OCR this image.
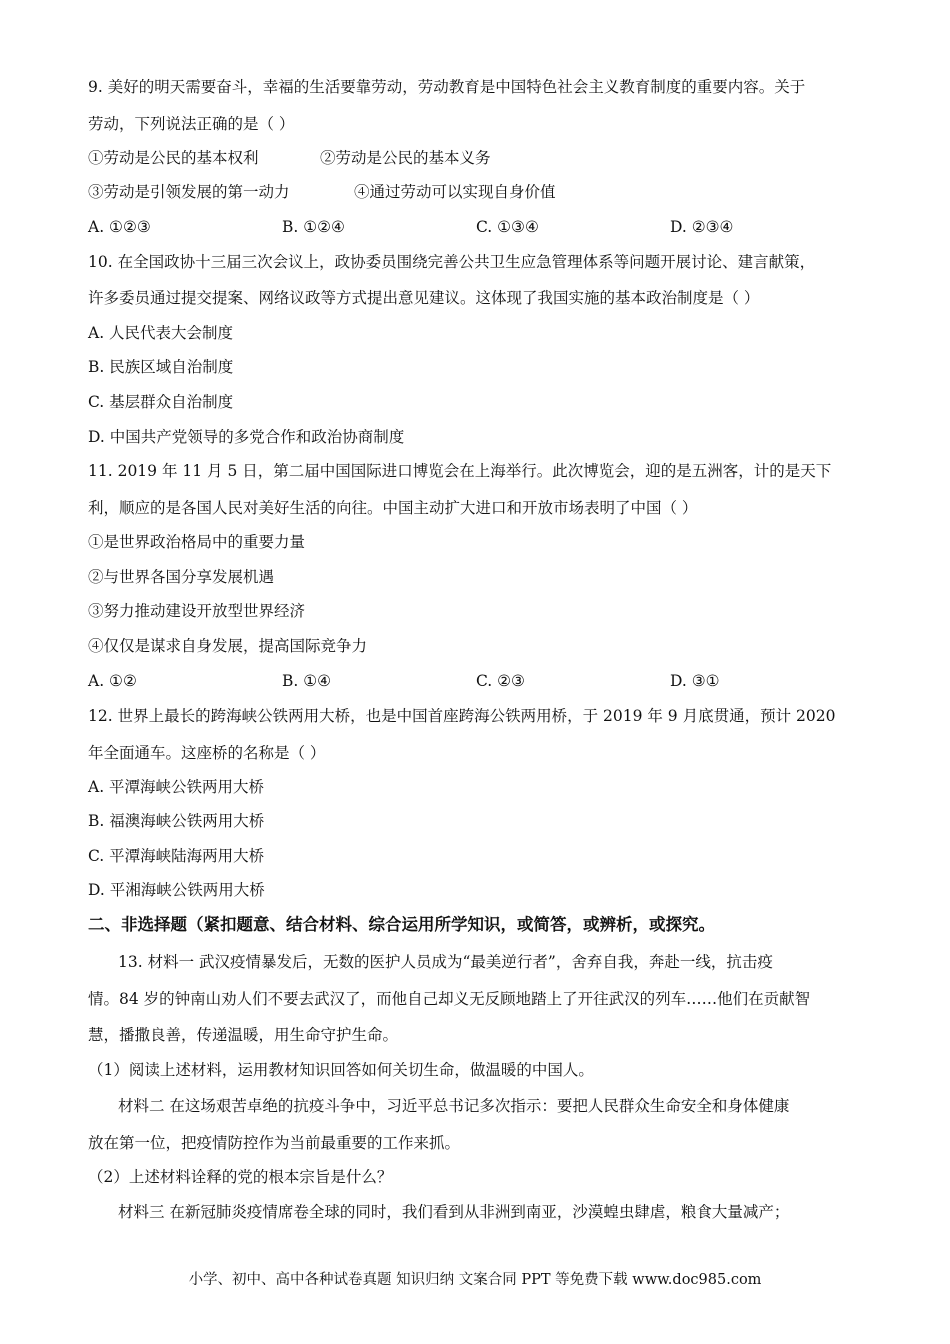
9. 美好的明天需要奋斗，幸福的生活要靠劳动，劳动教育是中国特色社会主义教育制度的重要内容。关于
劳动，下列说法正确的是（ ）
①劳动是公民的基本权利	②劳动是公民的基本义务
③劳动是引领发展的第一动力	④通过劳动可以实现自身价值
A. ①②③	B. ①②④	C. ①③④	D. ②③④
10. 在全国政协十三届三次会议上，政协委员围绕完善公共卫生应急管理体系等问题开展讨论、建言献策，
许多委员通过提交提案、网络议政等方式提出意见建议。这体现了我国实施的基本政治制度是（ ）
A. 人民代表大会制度
B. 民族区域自治制度
C. 基层群众自治制度
D. 中国共产党领导的多党合作和政治协商制度
11. 2019 年 11 月 5 日，第二届中国国际进口博览会在上海举行。此次博览会，迎的是五洲客，计的是天下
利，顺应的是各国人民对美好生活的向往。中国主动扩大进口和开放市场表明了中国（ ）
①是世界政治格局中的重要力量
②与世界各国分享发展机遇
③努力推动建设开放型世界经济
④仅仅是谋求自身发展，提高国际竞争力
A. ①②	B. ①④	C. ②③	D. ③①
12. 世界上最长的跨海峡公铁两用大桥，也是中国首座跨海公铁两用桥，于 2019 年 9 月底贯通，预计 2020
年全面通车。这座桥的名称是（ ）
A. 平潭海峡公铁两用大桥
B. 福澳海峡公铁两用大桥
C. 平潭海峡陆海两用大桥
D. 平湘海峡公铁两用大桥
二、非选择题（紧扣题意、结合材料、综合运用所学知识，或简答，或辨析，或探究。
13. 材料一 武汉疫情暴发后，无数的医护人员成为“最美逆行者”，舍弃自我，奔赴一线，抗击疫
情。84 岁的钟南山劝人们不要去武汉了，而他自己却义无反顾地踏上了开往武汉的列车……他们在贡献智
慧，播撒良善，传递温暖，用生命守护生命。
（1）阅读上述材料，运用教材知识回答如何关切生命，做温暖的中国人。
材料二 在这场艰苦卓绝的抗疫斗争中，习近平总书记多次指示：要把人民群众生命安全和身体健康
放在第一位，把疫情防控作为当前最重要的工作来抓。
（2）上述材料诠释的党的根本宗旨是什么？
材料三 在新冠肺炎疫情席卷全球的同时，我们看到从非洲到南亚，沙漠蝗虫肆虐，粮食大量减产；
小学、初中、高中各种试卷真题 知识归纳 文案合同 PPT 等免费下载 www.doc985.com
